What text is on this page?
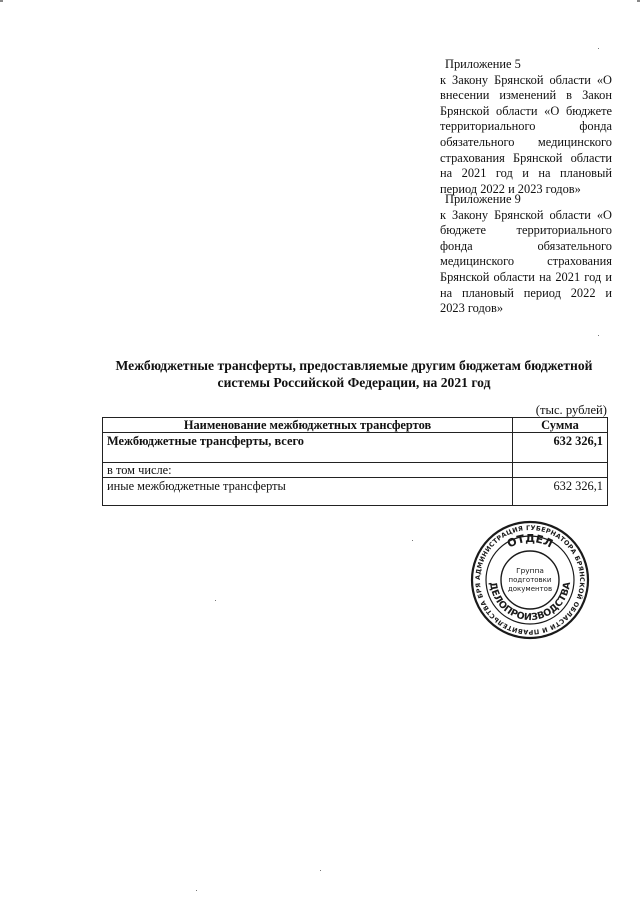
Приложение 5
к Закону Брянской области «О внесении изменений в Закон Брянской области «О бюджете территориального фонда обязательного медицинского страхования Брянской области на 2021 год и на плановый период 2022 и 2023 годов»
Приложение 9
к Закону Брянской области «О бюджете территориального фонда обязательного медицинского страхования Брянской области на 2021 год и на плановый период 2022 и 2023 годов»
Межбюджетные трансферты, предоставляемые другим бюджетам бюджетной
системы Российской Федерации, на 2021 год
(тыс. рублей)
Наименование межбюджетных трансфертов	Сумма
Межбюджетные трансферты, всего	632 326,1
в том числе:	
иные межбюджетные трансферты	632 326,1
АДМИНИСТРАЦИЯ ГУБЕРНАТОРА БРЯНСКОЙ ОБЛАСТИ И ПРАВИТЕЛЬСТВА БРЯ
ОТДЕЛ
ДЕЛОПРОИЗВОДСТВА
Группа
подготовки
документов
